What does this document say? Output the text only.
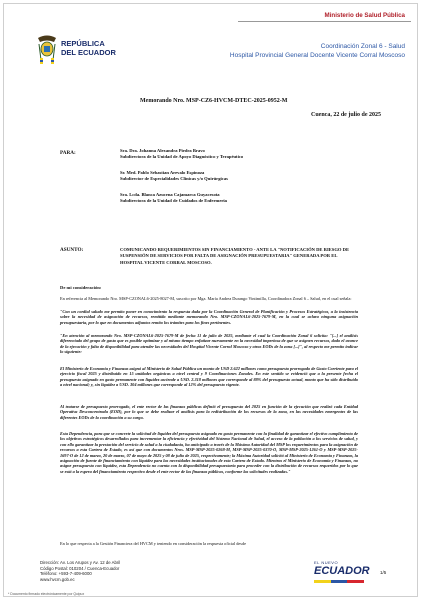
Ministerio de Salud Pública
REPÚBLICA
DEL ECUADOR
Coordinación Zonal 6 - Salud
Hospital Provincial General Docente Vicente Corral Moscoso
Memorando Nro. MSP-CZ6-HVCM-DTEC-2025-0952-M
Cuenca, 22 de julio de 2025
PARA:	Sra. Dra. Johanna Alexandra Piedra Bravo
Subdirectora de la Unidad de Apoyo Diagnóstico y Terapéutico
Sr. Med. Pablo Sebastian Arevalo Espinoza
Subdirector de Especialidades Clínicas y/o Quirúrgicas
Sra. Lcda. Blanca Azucena Cajamarca Guyacesota
Subdirectora de la Unidad de Cuidados de Enfermeria
ASUNTO:	COMUNICANDO REQUERIMIENTOS SIN FINANCIAMIENTO - ANTE LA "NOTIFICACIÓN DE RIESGO DE SUSPENSIÓN DE SERVICIOS POR FALTA DE ASIGNACIÓN PRESUPUESTARIA" GENERADA POR EL HOSPITAL VICENTE CORRAL MOSCOSO.
De mi consideración:
En referencia al Memorando Nro. MSP-CZONAL6-2025-8027-M, suscrito por Mga. María Andrea Durango Vintimilla, Coordinadora Zonal 6 – Salud, en el cual señala:
"Con un cordial saludo me permito poner en conocimiento la respuesta dada por la Coordinación General de Planificación y Procesos Estratégicos, a la insistencia sobre la necesidad de asignación de recursos, remitida mediante memorando Nro. MSP-CZONAL6-2025-7679-M, en la cual se aclara ninguna asignación presupuestaria, por lo que en documentos adjuntos remito los trámites para los fines pertinentes.
"En atención al memorando Nro. MSP-CZONAL6-2025-7679-M de fecha 11 de julio de 2025, mediante el cual la Coordinación Zonal 6 solicita: "[...] el análisis diferenciado del grupo de gasto que es posible optimizar y al mismo tiempo enfatizar nuevamente en la necesidad imperiosa de que se asignen recursos, dado el avance de la ejecución y falta de disponibilidad para atender las necesidades del Hospital Vicente Corral Moscoso y otras EODs de la zona [...]", al respecto me permito indicar lo siguiente:
El Ministerio de Economía y Finanzas asignó al Ministerio de Salud Pública un monto de USD 2.622 millones como presupuesto prorrogado de Gasto Corriente para el ejercicio fiscal 2025 y distribuido en 15 unidades orgánicas a nivel central y 9 Coordinaciones Zonales. En este sentido se evidenció que a la presente fecha el presupuesto asignado en gasto permanente con liquidez asciende a USD. 2.318 millones que corresponde al 88% del presupuesto actual, monto que ha sido distribuido a nivel nacional; y, sin liquidez a USD. 304 millones que corresponde al 12% del presupuesto vigente.
Al tratarse de presupuesto prorrogado, el ente rector de las finanzas públicas definió el presupuesto del 2025 en función de la ejecución que realizó cada Entidad Operativa Desconcentrada (EOD), por lo que se debe realizar el análisis para la redistribución de los recursos de la zona, en las necesidades emergentes de las diferentes EODs de la coordinación a su cargo.
Esta Dependencia, para que se concrete la solicitud de liquidez del presupuesto asignado en gasto permanente con la finalidad de garantizar el efectivo cumplimiento de los objetivos estratégicos desarrollados para incrementar la eficiencia y efectividad del Sistema Nacional de Salud, el acceso de la población a los servicios de salud, y con ello garantizar la prestación del servicio de salud a la ciudadanía, ha anticipado a través de la Máxima Autoridad del MSP los requerimientos para la asignación de recursos a esta Cartera de Estado, es así que con documentos Nros. MSP-MSP-2025-0268-M, MSP-MSP-2025-0370-O, MSP-MSP-2025-1261-O y MSP-MSP-2025-1697-O de 12 de marzo, 20 de marzo, 07 de mayo de 2025 y 08 de julio de 2025, respectivamente; la Máxima Autoridad solicitó al Ministerio de Economía y Finanzas, la asignación de fuente de financiamiento con liquidez para las necesidades institucionales de esta Cartera de Estado. Mientras el Ministerio de Economía y Finanzas, no asigne presupuesto con liquidez, esta Dependencia no cuenta con la disponibilidad presupuestaria para proceder con la distribución de recursos requeridos por lo que se está a la espera del financiamiento respectivo desde el ente rector de las finanzas públicas, conforme las solicitudes realizadas."
En lo que respecta a la Gestión Financiera del HVCM y teniendo en consideración la respuesta oficial desde
Dirección: Av. Los Arupos y Av. 12 de Abril
Código Postal: 010204 / Cuenca-Ecuador
Teléfono: +593-7-409-6000
www.hvcm.gob.ec
* Documento firmado electrónicamente por Quipux
EL NUEVO
ECUADOR 1/5
